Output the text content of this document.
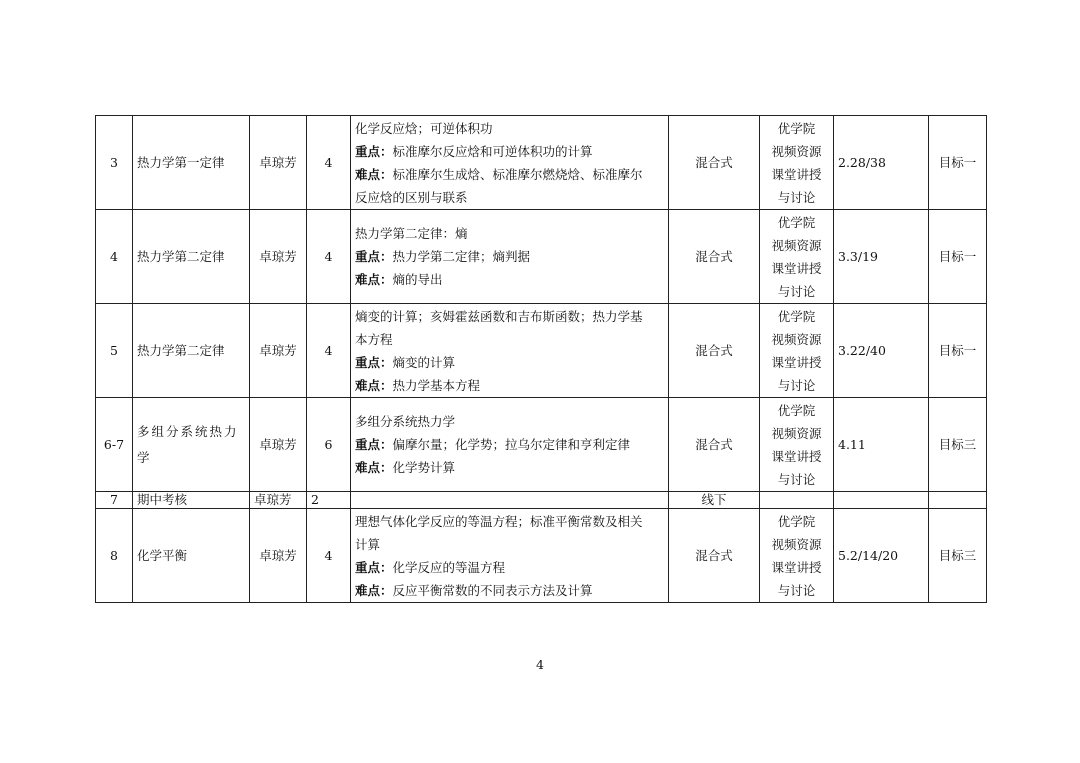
3	热力学第一定律	卓琼芳	4	化学反应焓；可逆体积功
重点：标准摩尔反应焓和可逆体积功的计算
难点：标准摩尔生成焓、标准摩尔燃烧焓、标准摩尔
反应焓的区别与联系	混合式	优学院
视频资源
课堂讲授
与讨论	2.28/38	目标一
4	热力学第二定律	卓琼芳	4	热力学第二定律：熵
重点：热力学第二定律；熵判据
难点：熵的导出	混合式	优学院
视频资源
课堂讲授
与讨论	3.3/19	目标一
5	热力学第二定律	卓琼芳	4	熵变的计算；亥姆霍兹函数和吉布斯函数；热力学基
本方程
重点：熵变的计算
难点：热力学基本方程	混合式	优学院
视频资源
课堂讲授
与讨论	3.22/40	目标一
6-7	多组分系统热力
学	卓琼芳	6	多组分系统热力学
重点：偏摩尔量；化学势；拉乌尔定律和亨利定律
难点：化学势计算	混合式	优学院
视频资源
课堂讲授
与讨论	4.11	目标三
7	期中考核	卓琼芳	2		线下			
8	化学平衡	卓琼芳	4	理想气体化学反应的等温方程；标准平衡常数及相关
计算
重点：化学反应的等温方程
难点：反应平衡常数的不同表示方法及计算	混合式	优学院
视频资源
课堂讲授
与讨论	5.2/14/20	目标三
4
